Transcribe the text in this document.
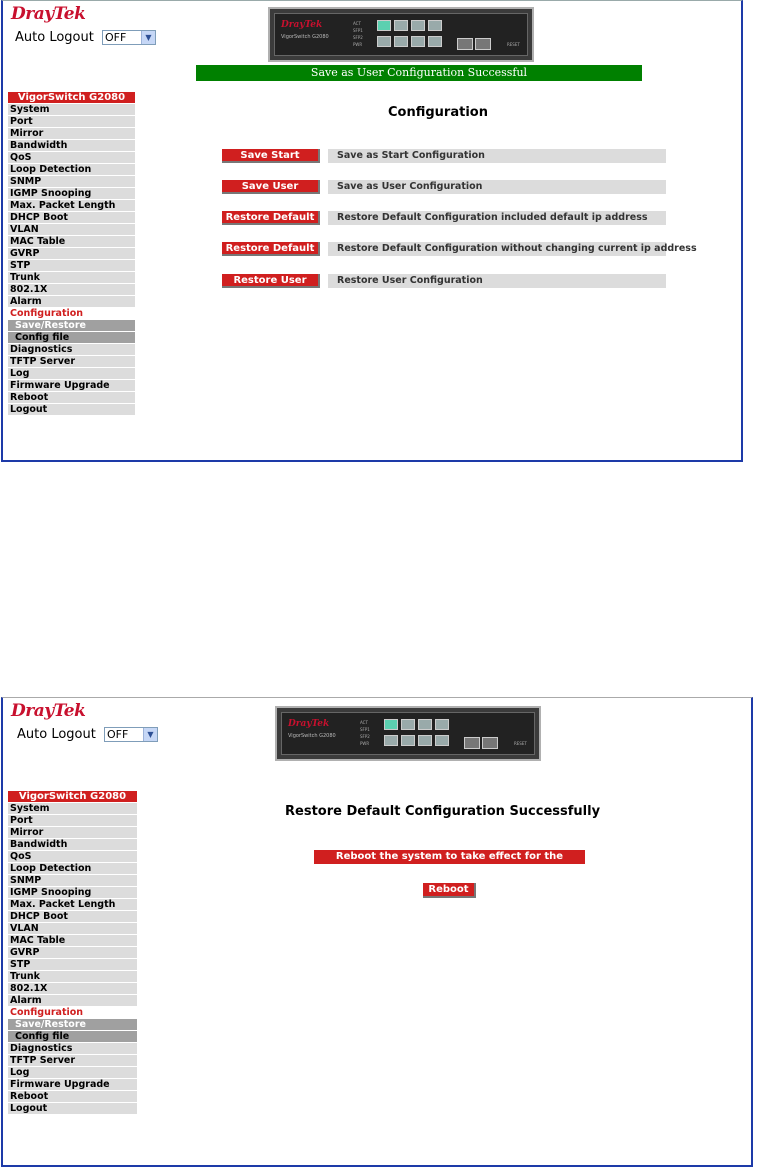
DrayTek
Auto Logout OFF	▼
DrayTek
VigorSwitch G2080
ACT
SFP1
SFP2
PWR	RESET
Save as User Configuration Successful
VigorSwitch G2080
System
Port
Mirror
Bandwidth
QoS
Loop Detection
SNMP
IGMP Snooping
Max. Packet Length
DHCP Boot
VLAN
MAC Table
GVRP
STP
Trunk
802.1X
Alarm
Configuration
Save/Restore
Config file
Diagnostics
TFTP Server
Log
Firmware Upgrade
Reboot
Logout
Configuration
Save Start	Save as Start Configuration
Save User	Save as User Configuration
Restore Default	Restore Default Configuration included default ip address
Restore Default	Restore Default Configuration without changing current ip address
Restore User	Restore User Configuration
DrayTek
Auto Logout OFF	▼
DrayTek
VigorSwitch G2080
ACT
SFP1
SFP2
PWR	RESET
VigorSwitch G2080
System
Port
Mirror
Bandwidth
QoS
Loop Detection
SNMP
IGMP Snooping
Max. Packet Length
DHCP Boot
VLAN
MAC Table
GVRP
STP
Trunk
802.1X
Alarm
Configuration
Save/Restore
Config file
Diagnostics
TFTP Server
Log
Firmware Upgrade
Reboot
Logout
Restore Default Configuration Successfully
Reboot the system to take effect for the setting?
Reboot
